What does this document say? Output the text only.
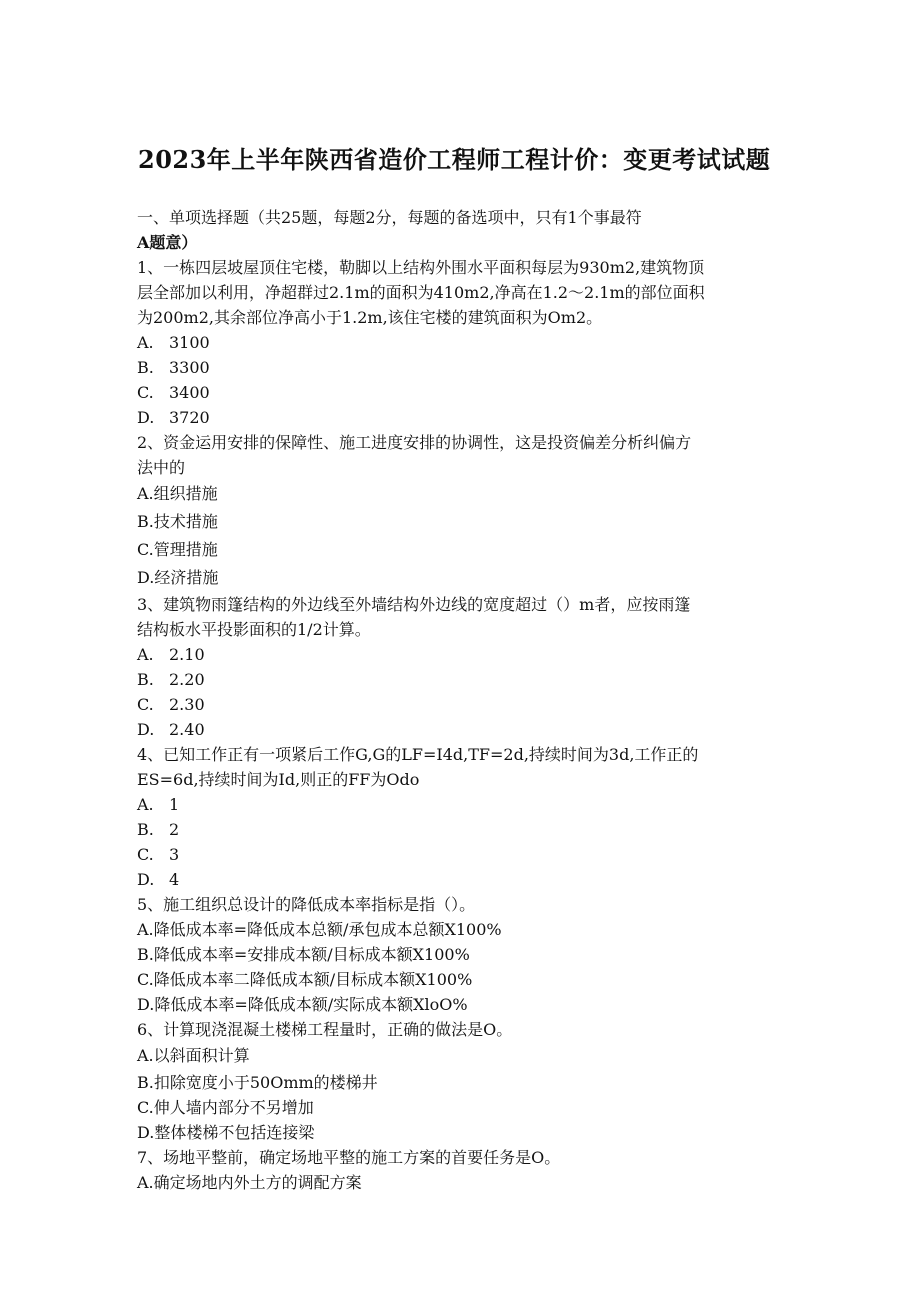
2023年上半年陕西省造价工程师工程计价：变更考试试题
一、单项选择题（共25题，每题2分，每题的备选项中，只有1个事最符
A题意）
1、一栋四层坡屋顶住宅楼，勒脚以上结构外围水平面积每层为930m2,建筑物顶
层全部加以利用，净超群过2.1m的面积为410m2,净高在1.2～2.1m的部位面积
为200m2,其余部位净高小于1.2m,该住宅楼的建筑面积为Om2。
A. 3100
B. 3300
C. 3400
D. 3720
2、资金运用安排的保障性、施工进度安排的协调性，这是投资偏差分析纠偏方
法中的
A.组织措施
B.技术措施
C.管理措施
D.经济措施
3、建筑物雨篷结构的外边线至外墙结构外边线的宽度超过（）m者，应按雨篷
结构板水平投影面积的1/2计算。
A. 2.10
B. 2.20
C. 2.30
D. 2.40
4、已知工作正有一项紧后工作G,G的LF=I4d,TF=2d,持续时间为3d,工作正的
ES=6d,持续时间为Id,则正的FF为Odo
A. 1
B. 2
C. 3
D. 4
5、施工组织总设计的降低成本率指标是指（）。
A.降低成本率=降低成本总额/承包成本总额X100%
B.降低成本率=安排成本额/目标成本额X100%
C.降低成本率二降低成本额/目标成本额X100%
D.降低成本率=降低成本额/实际成本额XloO%
6、计算现浇混凝土楼梯工程量时，正确的做法是O。
A.以斜面积计算
B.扣除宽度小于50Omm的楼梯井
C.伸人墙内部分不另增加
D.整体楼梯不包括连接梁
7、场地平整前，确定场地平整的施工方案的首要任务是O。
A.确定场地内外土方的调配方案
